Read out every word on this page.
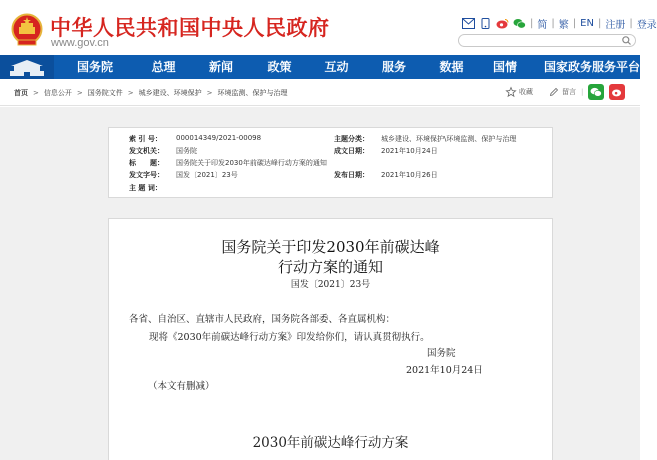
中华人民共和国中央人民政府
www.gov.cn
| 简 | 繁 | EN | 注册 | 登录
国务院	总理	新闻	政策	互动	服务	数据	国情	国家政务服务平台
首页 > 信息公开 > 国务院文件 > 城乡建设、环境保护 > 环境监测、保护与治理	收藏	留言 |
索 引 号： 000014349/2021-00098	主题分类： 城乡建设、环境保护\环境监测、保护与治理
发文机关： 国务院	成文日期： 2021年10月24日
标　　题： 国务院关于印发2030年前碳达峰行动方案的通知
发文字号： 国发〔2021〕23号	发布日期： 2021年10月26日
主 题 词：
国务院关于印发2030年前碳达峰
行动方案的通知
国发〔2021〕23号
各省、自治区、直辖市人民政府，国务院各部委、各直属机构：
现将《2030年前碳达峰行动方案》印发给你们，请认真贯彻执行。
国务院
2021年10月24日
（本文有删减）
2030年前碳达峰行动方案
